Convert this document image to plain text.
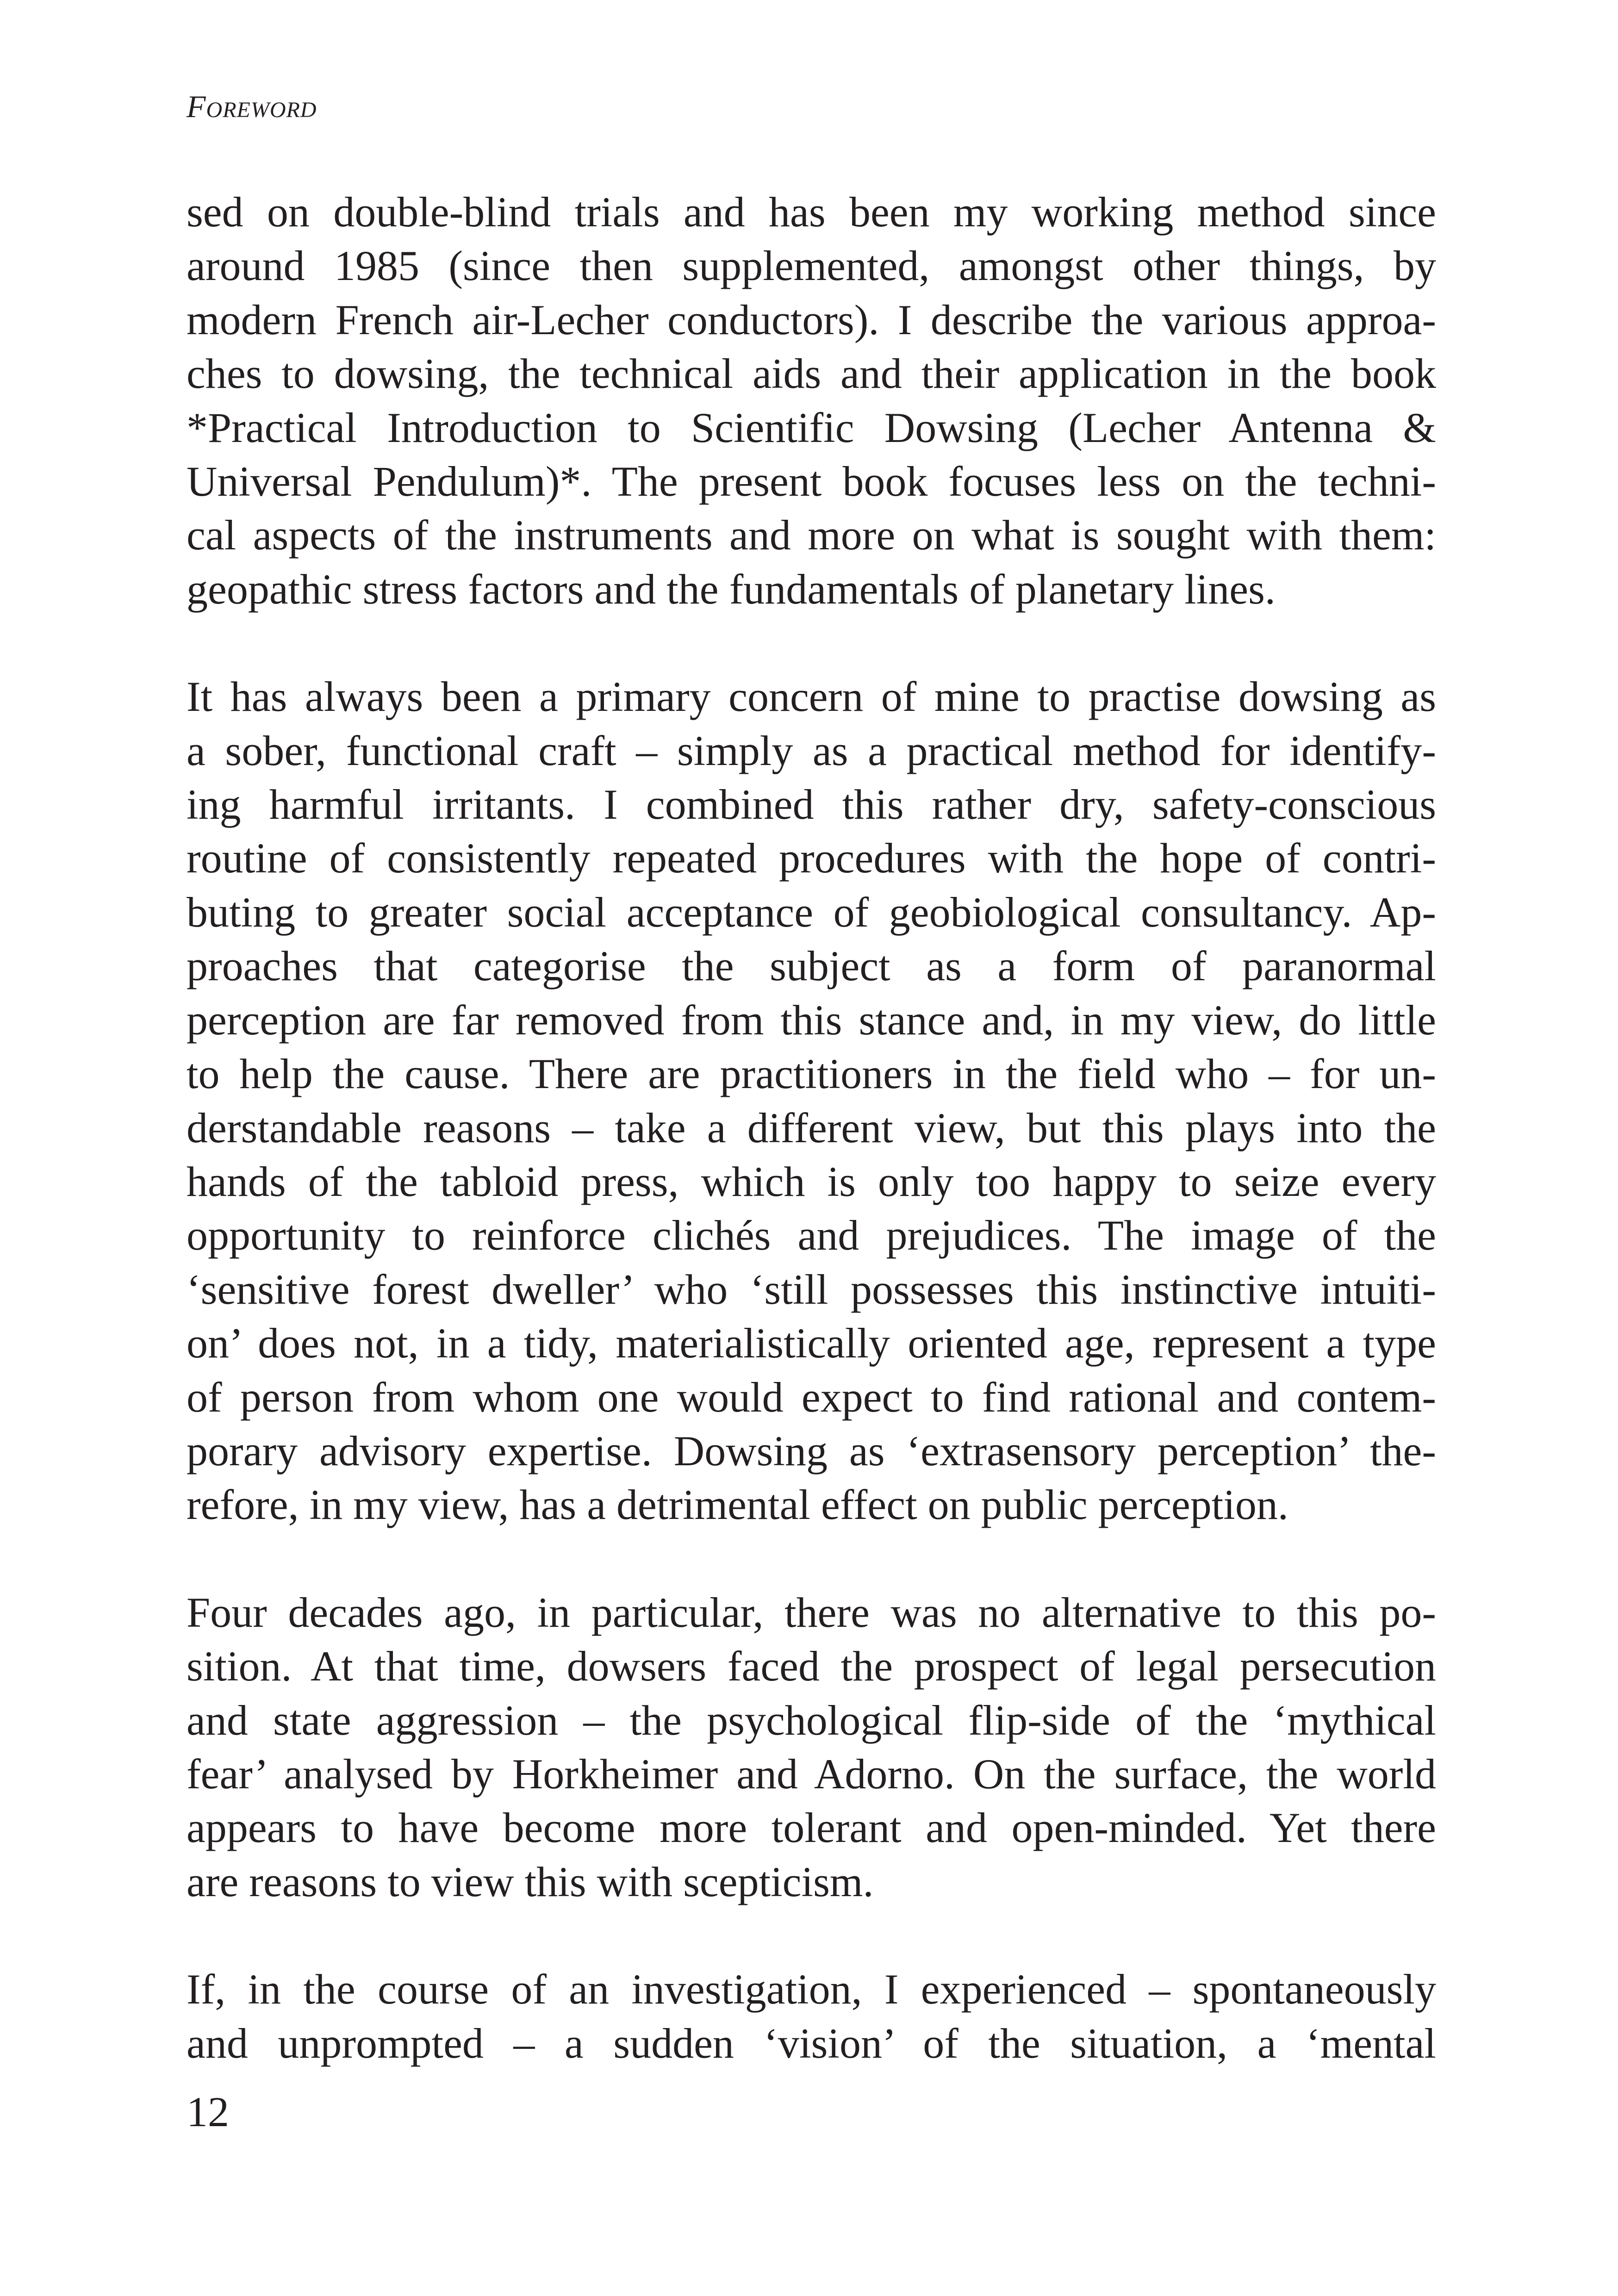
Foreword

sed on double-blind trials and has been my working method since
around 1985 (since then supplemented, amongst other things, by
modern French air-Lecher conductors). I describe the various approa-
ches to dowsing, the technical aids and their application in the book
*Practical Introduction to Scientific Dowsing (Lecher Antenna &
Universal Pendulum)*. The present book focuses less on the techni-
cal aspects of the instruments and more on what is sought with them:
geopathic stress factors and the fundamentals of planetary lines.

It has always been a primary concern of mine to practise dowsing as
a sober, functional craft – simply as a practical method for identify-
ing harmful irritants. I combined this rather dry, safety-conscious
routine of consistently repeated procedures with the hope of contri-
buting to greater social acceptance of geobiological consultancy. Ap-
proaches that categorise the subject as a form of paranormal
perception are far removed from this stance and, in my view, do little
to help the cause. There are practitioners in the field who – for un-
derstandable reasons – take a different view, but this plays into the
hands of the tabloid press, which is only too happy to seize every
opportunity to reinforce clichés and prejudices. The image of the
‘sensitive forest dweller’ who ‘still possesses this instinctive intuiti-
on’ does not, in a tidy, materialistically oriented age, represent a type
of person from whom one would expect to find rational and contem-
porary advisory expertise. Dowsing as ‘extrasensory perception’ the-
refore, in my view, has a detrimental effect on public perception.

Four decades ago, in particular, there was no alternative to this po-
sition. At that time, dowsers faced the prospect of legal persecution
and state aggression – the psychological flip-side of the ‘mythical
fear’ analysed by Horkheimer and Adorno. On the surface, the world
appears to have become more tolerant and open-minded. Yet there
are reasons to view this with scepticism.

If, in the course of an investigation, I experienced – spontaneously
and unprompted – a sudden ‘vision’ of the situation, a ‘mental

12
